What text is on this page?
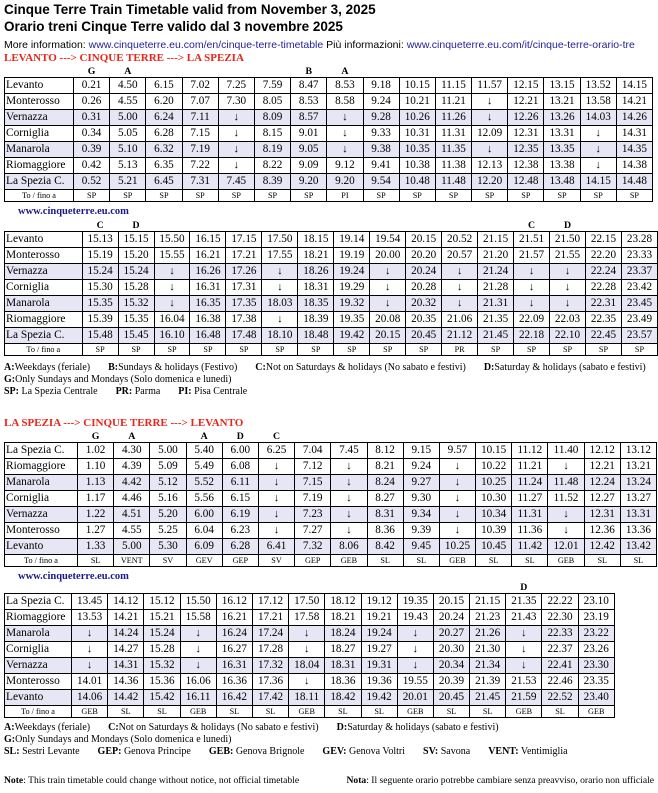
Cinque Terre Train Timetable valid from November 3, 2025
Orario treni Cinque Terre valido dal 3 novembre 2025
More information: www.cinqueterre.eu.com/en/cinque-terre-timetable Più informazioni: www.cinqueterre.eu.com/it/cinque-terre-orario-tre
LEVANTO ---> CINQUE TERRE ---> LA SPEZIA
	G	A					B	A								
Levanto	0.21	4.50	6.15	7.02	7.25	7.59	8.47	8.53	9.18	10.15	11.15	11.57	12.15	13.15	13.52	14.15
Monterosso	0.26	4.55	6.20	7.07	7.30	8.05	8.53	8.58	9.24	10.21	11.21	↓	12.21	13.21	13.58	14.21
Vernazza	0.31	5.00	6.24	7.11	↓	8.09	8.57	↓	9.28	10.26	11.26	↓	12.26	13.26	14.03	14.26
Corniglia	0.34	5.05	6.28	7.15	↓	8.15	9.01	↓	9.33	10.31	11.31	12.09	12.31	13.31	↓	14.31
Manarola	0.39	5.10	6.32	7.19	↓	8.19	9.05	↓	9.38	10.35	11.35	↓	12.35	13.35	↓	14.35
Riomaggiore	0.42	5.13	6.35	7.22	↓	8.22	9.09	9.12	9.41	10.38	11.38	12.13	12.38	13.38	↓	14.38
La Spezia C.	0.52	5.21	6.45	7.31	7.45	8.39	9.20	9.20	9.54	10.48	11.48	12.20	12.48	13.48	14.15	14.48
To / fino a	SP	SP	SP	SP	SP	SP	SP	PI	SP	SP	SP	SP	SP	SP	SP	SP
www.cinqueterre.eu.com
	C	D											C	D		
Levanto	15.13	15.15	15.50	16.15	17.15	17.50	18.15	19.14	19.54	20.15	20.52	21.15	21.51	21.50	22.15	23.28
Monterosso	15.19	15.20	15.55	16.21	17.21	17.55	18.21	19.19	20.00	20.20	20.57	21.20	21.57	21.55	22.20	23.33
Vernazza	15.24	15.24	↓	16.26	17.26	↓	18.26	19.24	↓	20.24	↓	21.24	↓	↓	22.24	23.37
Corniglia	15.30	15.28	↓	16.31	17.31	↓	18.31	19.29	↓	20.28	↓	21.28	↓	↓	22.28	23.42
Manarola	15.35	15.32	↓	16.35	17.35	18.03	18.35	19.32	↓	20.32	↓	21.31	↓	↓	22.31	23.45
Riomaggiore	15.39	15.35	16.04	16.38	17.38	↓	18.39	19.35	20.08	20.35	21.06	21.35	22.09	22.03	22.35	23.49
La Spezia C.	15.48	15.45	16.10	16.48	17.48	18.10	18.48	19.42	20.15	20.45	21.12	21.45	22.18	22.10	22.45	23.57
To / fino a	SP	SP	SP	SP	SP	SP	SP	SP	SP	SP	PR	SP	SP	SP	SP	SP
A:Weekdays (feriale) B:Sundays & holidays (Festivo) C:Not on Saturdays & holidays (No sabato e festivi) D:Saturday & holidays (sabato e festivi)
G:Only Sundays and Mondays (Solo domenica e lunedì)
SP: La Spezia Centrale PR: Parma PI: Pisa Centrale
LA SPEZIA ---> CINQUE TERRE ---> LEVANTO
	G	A		A	D	C										
La Spezia C.	1.02	4.30	5.00	5.40	6.00	6.25	7.04	7.45	8.12	9.15	9.57	10.15	11.12	11.40	12.12	13.12
Riomaggiore	1.10	4.39	5.09	5.49	6.08	↓	7.12	↓	8.21	9.24	↓	10.22	11.21	↓	12.21	13.21
Manarola	1.13	4.42	5.12	5.52	6.11	↓	7.15	↓	8.24	9.27	↓	10.25	11.24	11.48	12.24	13.24
Corniglia	1.17	4.46	5.16	5.56	6.15	↓	7.19	↓	8.27	9.30	↓	10.30	11.27	11.52	12.27	13.27
Vernazza	1.22	4.51	5.20	6.00	6.19	↓	7.23	↓	8.31	9.34	↓	10.34	11.31	↓	12.31	13.31
Monterosso	1.27	4.55	5.25	6.04	6.23	↓	7.27	↓	8.36	9.39	↓	10.39	11.36	↓	12.36	13.36
Levanto	1.33	5.00	5.30	6.09	6.28	6.41	7.32	8.06	8.42	9.45	10.25	10.45	11.42	12.01	12.42	13.42
To / fino a	SL	VENT	SV	GEV	GEP	SV	GEP	GEB	SL	SL	GEB	SL	SL	GEB	SL	SL
www.cinqueterre.eu.com
													D		
La Spezia C.	13.45	14.12	15.12	15.50	16.12	17.12	17.50	18.12	19.12	19.35	20.15	21.15	21.35	22.22	23.10
Riomaggiore	13.53	14.21	15.21	15.58	16.21	17.21	17.58	18.21	19.21	19.43	20.24	21.23	21.43	22.30	23.19
Manarola	↓	14.24	15.24	↓	16.24	17.24	↓	18.24	19.24	↓	20.27	21.26	↓	22.33	23.22
Corniglia	↓	14.27	15.28	↓	16.27	17.28	↓	18.27	19.27	↓	20.30	21.30	↓	22.37	23.26
Vernazza	↓	14.31	15.32	↓	16.31	17.32	18.04	18.31	19.31	↓	20.34	21.34	↓	22.41	23.30
Monterosso	14.01	14.36	15.36	16.06	16.36	17.36	↓	18.36	19.36	19.55	20.39	21.39	21.53	22.46	23.35
Levanto	14.06	14.42	15.42	16.11	16.42	17.42	18.11	18.42	19.42	20.01	20.45	21.45	21.59	22.52	23.40
To / fino a	GEB	SL	SL	GEB	SL	SL	GEB	SL	SL	GEB	SL	SL	GEB	SL	GEB
A:Weekdays (feriale) C:Not on Saturdays & holidays (No sabato e festivi) D:Saturday & holidays (sabato e festivi)
G:Only Sundays and Mondays (Solo domenica e lunedì)
SL: Sestri Levante GEP: Genova Principe GEB: Genova Brignole GEV: Genova Voltri SV: Savona VENT: Ventimiglia
Note: This train timetable could change without notice, not official timetable	Nota: Il seguente orario potrebbe cambiare senza preavviso, orario non ufficiale
